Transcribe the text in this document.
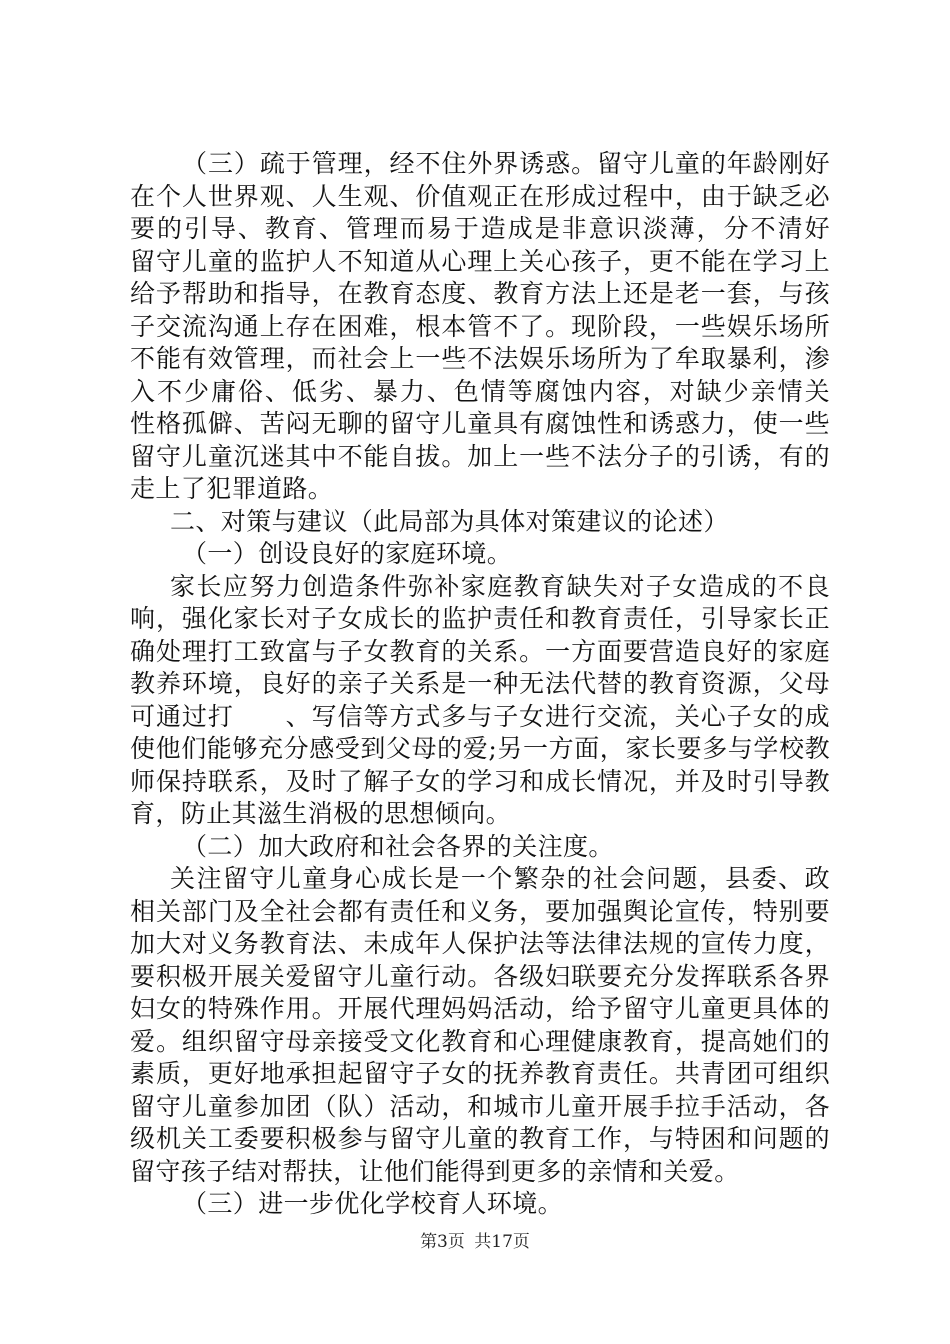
（三）疏于管理，经不住外界诱惑。留守儿童的年龄刚好
在个人世界观、人生观、价值观正在形成过程中，由于缺乏必
要的引导、教育、管理而易于造成是非意识淡薄，分不清好
留守儿童的监护人不知道从心理上关心孩子，更不能在学习上
给予帮助和指导，在教育态度、教育方法上还是老一套，与孩
子交流沟通上存在困难，根本管不了。现阶段，一些娱乐场所
不能有效管理，而社会上一些不法娱乐场所为了牟取暴利，渗
入不少庸俗、低劣、暴力、色情等腐蚀内容，对缺少亲情关
性格孤僻、苦闷无聊的留守儿童具有腐蚀性和诱惑力，使一些
留守儿童沉迷其中不能自拔。加上一些不法分子的引诱，有的
走上了犯罪道路。
二、对策与建议（此局部为具体对策建议的论述）
（一）创设良好的家庭环境。
家长应努力创造条件弥补家庭教育缺失对子女造成的不良
响，强化家长对子女成长的监护责任和教育责任，引导家长正
确处理打工致富与子女教育的关系。一方面要营造良好的家庭
教养环境，良好的亲子关系是一种无法代替的教育资源，父母
可通过打　　、写信等方式多与子女进行交流，关心子女的成
使他们能够充分感受到父母的爱;另一方面，家长要多与学校教
师保持联系，及时了解子女的学习和成长情况，并及时引导教
育，防止其滋生消极的思想倾向。
（二）加大政府和社会各界的关注度。
关注留守儿童身心成长是一个繁杂的社会问题，县委、政
相关部门及全社会都有责任和义务，要加强舆论宣传，特别要
加大对义务教育法、未成年人保护法等法律法规的宣传力度，
要积极开展关爱留守儿童行动。各级妇联要充分发挥联系各界
妇女的特殊作用。开展代理妈妈活动，给予留守儿童更具体的
爱。组织留守母亲接受文化教育和心理健康教育，提高她们的
素质，更好地承担起留守子女的抚养教育责任。共青团可组织
留守儿童参加团（队）活动，和城市儿童开展手拉手活动，各
级机关工委要积极参与留守儿童的教育工作，与特困和问题的
留守孩子结对帮扶，让他们能得到更多的亲情和关爱。
（三）进一步优化学校育人环境。
第3页 共17页
